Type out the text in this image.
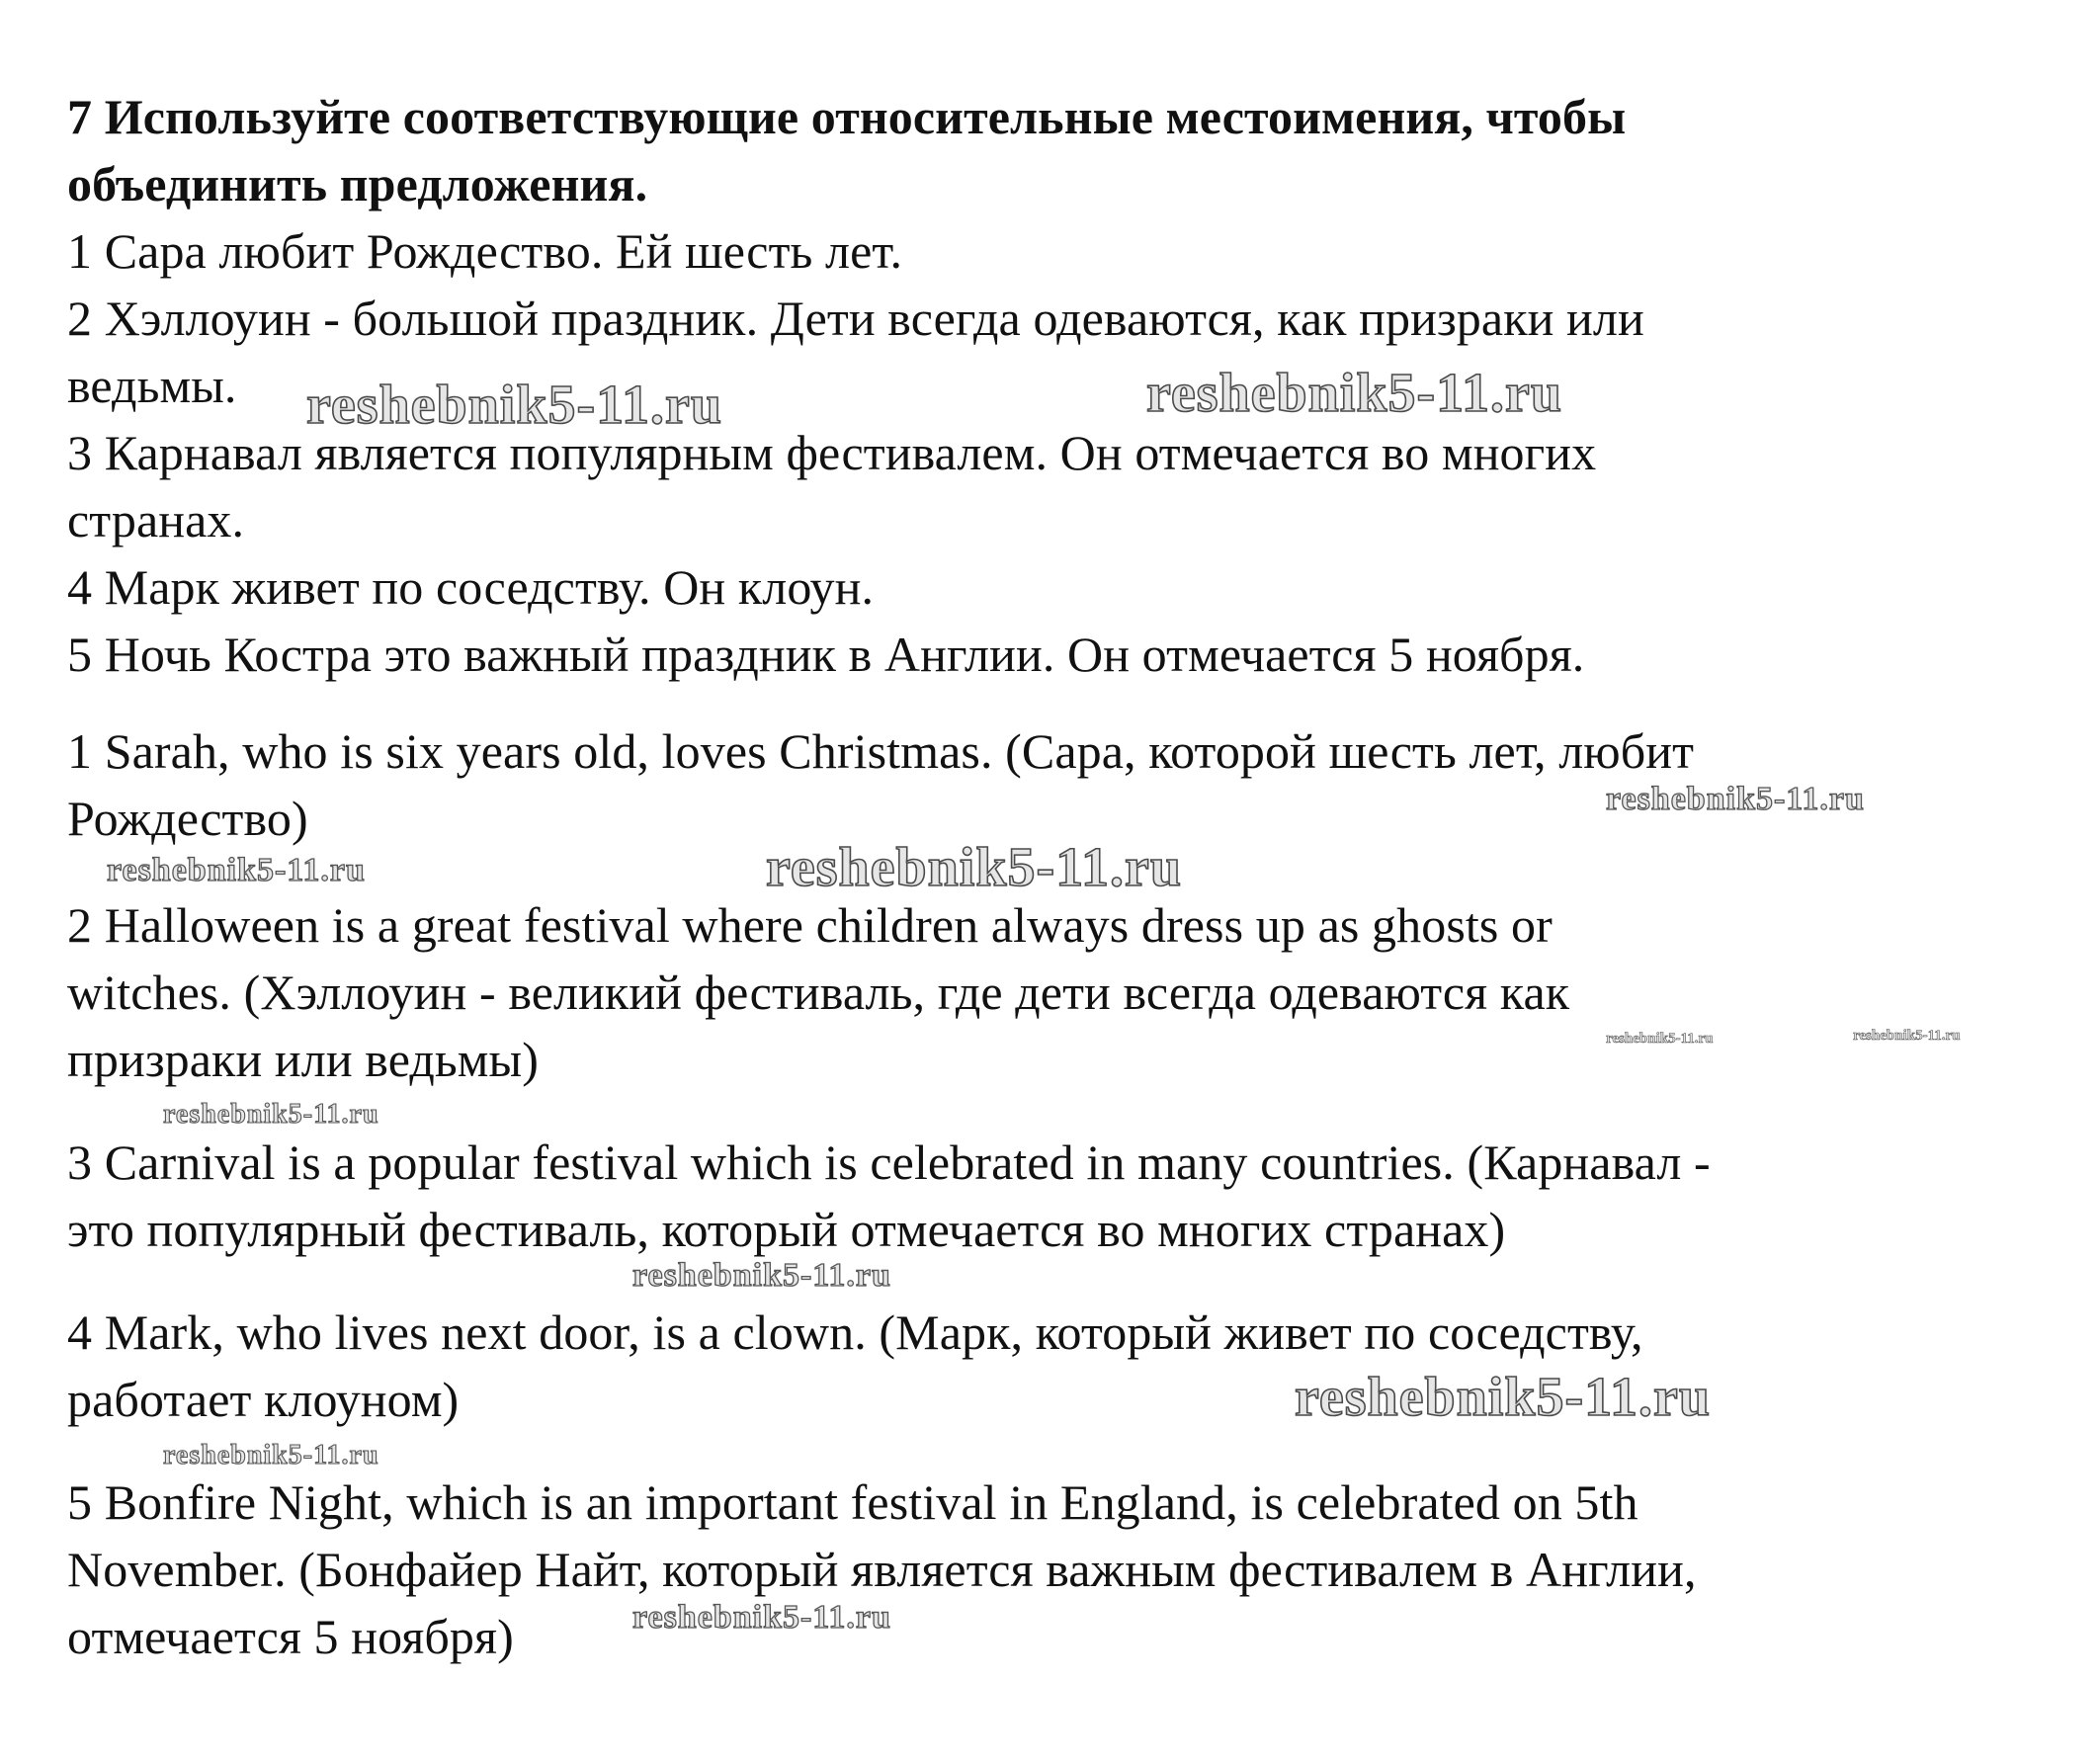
7 Используйте соответствующие относительные местоимения, чтобы
объединить предложения.
1 Сара любит Рождество. Ей шесть лет.
2 Хэллоуин - большой праздник. Дети всегда одеваются, как призраки или
ведьмы.
3 Карнавал является популярным фестивалем. Он отмечается во многих
странах.
4 Марк живет по соседству. Он клоун.
5 Ночь Костра это важный праздник в Англии. Он отмечается 5 ноября.
1 Sarah, who is six years old, loves Christmas. (Сара, которой шесть лет, любит
Рождество)
2 Halloween is a great festival where children always dress up as ghosts or
witches. (Хэллоуин - великий фестиваль, где дети всегда одеваются как
призраки или ведьмы)
3 Carnival is a popular festival which is celebrated in many countries. (Карнавал -
это популярный фестиваль, который отмечается во многих странах)
4 Mark, who lives next door, is a clown. (Марк, который живет по соседству,
работает клоуном)
5 Bonfire Night, which is an important festival in England, is celebrated on 5th
November. (Бонфайер Найт, который является важным фестивалем в Англии,
отмечается 5 ноября)
reshebnik5-11.ru	reshebnik5-11.ru
reshebnik5-11.ru
reshebnik5-11.ru	reshebnik5-11.ru
reshebnik5-11.ru	reshebnik5-11.ru
reshebnik5-11.ru
reshebnik5-11.ru
reshebnik5-11.ru
reshebnik5-11.ru
reshebnik5-11.ru
